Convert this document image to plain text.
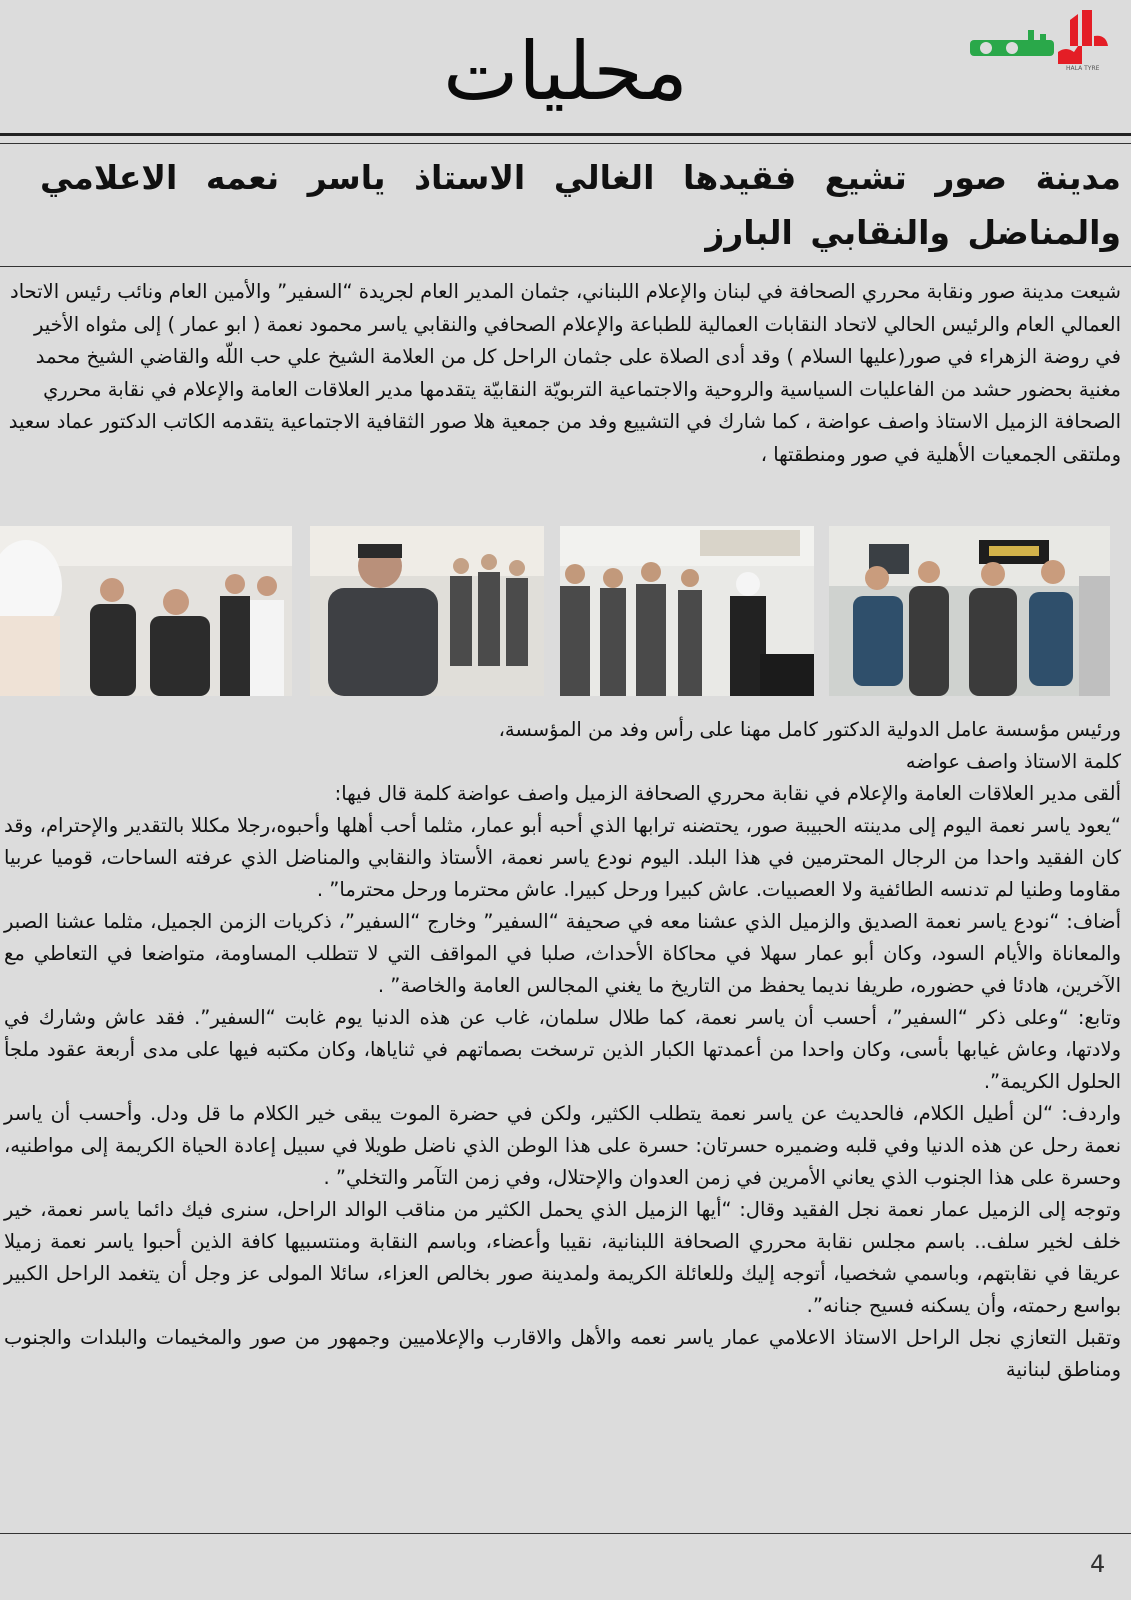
HALA TYRE
محليات
مدينة صور تشيع فقيدها الغالي الاستاذ ياسر نعمه الاعلامي والمناضل والنقابي البارز
شيعت مدينة صور ونقابة محرري الصحافة في لبنان والإعلام اللبناني، جثمان المدير العام لجريدة “السفير” والأمين العام ونائب رئيس الاتحاد العمالي العام والرئيس الحالي لاتحاد النقابات العمالية للطباعة والإعلام الصحافي والنقابي ياسر محمود نعمة ( ابو عمار ) إلى مثواه الأخير في روضة الزهراء في صور(عليها السلام ) وقد أدى الصلاة على جثمان الراحل كل من العلامة الشيخ علي حب اللّه والقاضي الشيخ محمد مغنية بحضور حشد من الفاعليات السياسية والروحية والاجتماعية التربويّة النقابيّة يتقدمها مدير العلاقات العامة والإعلام في نقابة محرري الصحافة الزميل الاستاذ واصف عواضة ، كما شارك في التشييع وفد من جمعية هلا صور الثقافية الاجتماعية يتقدمه الكاتب الدكتور عماد سعيد وملتقى الجمعيات الأهلية في صور ومنطقتها ،

ورئيس مؤسسة عامل الدولية الدكتور كامل مهنا على رأس وفد من المؤسسة،

كلمة الاستاذ واصف عواضه

ألقى مدير العلاقات العامة والإعلام في نقابة محرري الصحافة الزميل واصف عواضة كلمة قال فيها:

“يعود ياسر نعمة اليوم إلى مدينته الحبيبة صور، يحتضنه ترابها الذي أحبه أبو عمار، مثلما أحب أهلها وأحبوه،رجلا مكللا بالتقدير والإحترام، وقد كان الفقيد واحدا من الرجال المحترمين في هذا البلد. اليوم نودع ياسر نعمة، الأستاذ والنقابي والمناضل الذي عرفته الساحات، قوميا عربيا مقاوما وطنيا لم تدنسه الطائفية ولا العصبيات. عاش كبيرا ورحل كبيرا. عاش محترما ورحل محترما” .

أضاف: “نودع ياسر نعمة الصديق والزميل الذي عشنا معه في صحيفة “السفير” وخارج “السفير”، ذكريات الزمن الجميل، مثلما عشنا الصبر والمعاناة والأيام السود، وكان أبو عمار سهلا في محاكاة الأحداث، صلبا في المواقف التي لا تتطلب المساومة، متواضعا في التعاطي مع الآخرين، هادئا في حضوره، طريفا نديما يحفظ من التاريخ ما يغني المجالس العامة والخاصة” .

وتابع: “وعلى ذكر “السفير”، أحسب أن ياسر نعمة، كما طلال سلمان، غاب عن هذه الدنيا يوم غابت “السفير”. فقد عاش وشارك في ولادتها، وعاش غيابها بأسى، وكان واحدا من أعمدتها الكبار الذين ترسخت بصماتهم في ثناياها، وكان مكتبه فيها على مدى أربعة عقود ملجأ الحلول الكريمة”.

واردف: “لن أطيل الكلام، فالحديث عن ياسر نعمة يتطلب الكثير، ولكن في حضرة الموت يبقى خير الكلام ما قل ودل. وأحسب أن ياسر نعمة رحل عن هذه الدنيا وفي قلبه وضميره حسرتان: حسرة على هذا الوطن الذي ناضل طويلا في سبيل إعادة الحياة الكريمة إلى مواطنيه، وحسرة على هذا الجنوب الذي يعاني الأمرين في زمن العدوان والإحتلال، وفي زمن التآمر والتخلي” .

وتوجه إلى الزميل عمار نعمة نجل الفقيد وقال: “أيها الزميل الذي يحمل الكثير من مناقب الوالد الراحل، سنرى فيك دائما ياسر نعمة، خير خلف لخير سلف.. باسم مجلس نقابة محرري الصحافة اللبنانية، نقيبا وأعضاء، وباسم النقابة ومنتسبيها كافة الذين أحبوا ياسر نعمة زميلا عريقا في نقابتهم، وباسمي شخصيا، أتوجه إليك وللعائلة الكريمة ولمدينة صور بخالص العزاء، سائلا المولى عز وجل أن يتغمد الراحل الكبير بواسع رحمته، وأن يسكنه فسيح جنانه”.

وتقبل التعازي نجل الراحل الاستاذ الاعلامي عمار ياسر نعمه والأهل والاقارب والإعلاميين وجمهور من صور والمخيمات والبلدات والجنوب ومناطق لبنانية

4
